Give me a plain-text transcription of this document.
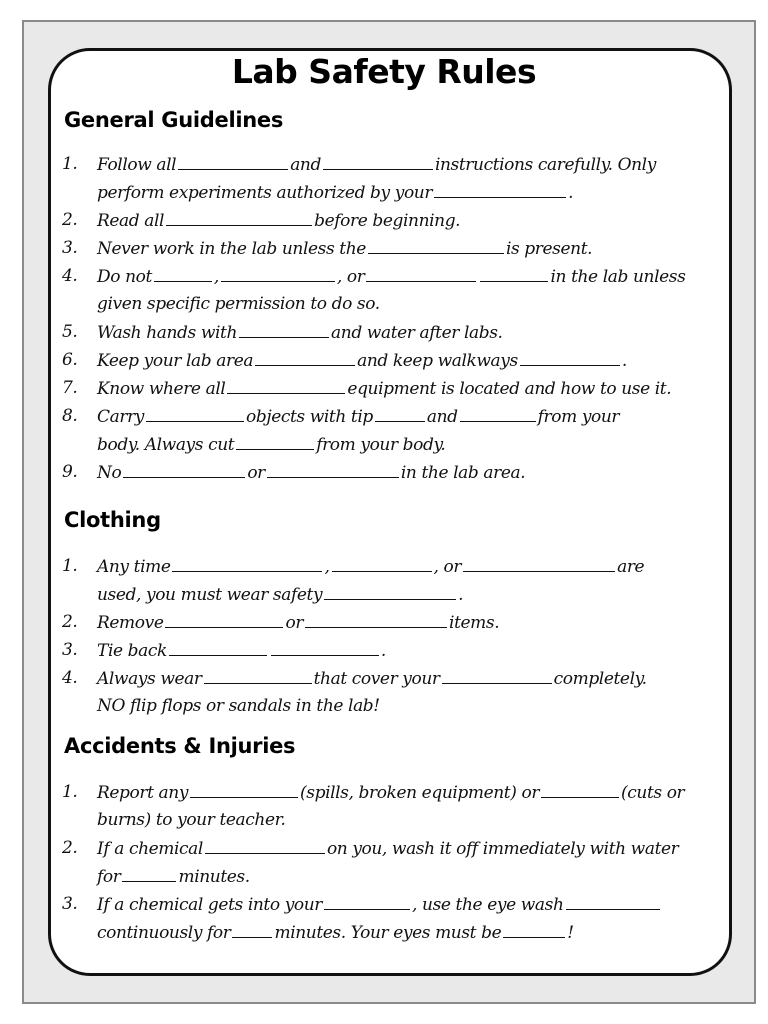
Lab Safety Rules
General Guidelines
1. Follow all	and	instructions carefully. Only
perform experiments authorized by your	.
2. Read all	before beginning.
3. Never work in the lab unless the	is present.
4. Do not	,	, or	in the lab unless
given specific permission to do so.
5. Wash hands with	and water after labs.
6. Keep your lab area	and keep walkways	.
7. Know where all	equipment is located and how to use it.
8. Carry	objects with tip	and	from your
body. Always cut	from your body.
9. No	or	in the lab area.
Clothing
1. Any time	,	, or	are
used, you must wear safety	.
2. Remove	or	items.
3. Tie back	.
4. Always wear	that cover your	completely.
NO flip flops or sandals in the lab!
Accidents & Injuries
1. Report any	(spills, broken equipment) or	(cuts or
burns) to your teacher.
2. If a chemical	on you, wash it off immediately with water
for	minutes.
3. If a chemical gets into your	, use the eye wash
continuously for	minutes. Your eyes must be	!
